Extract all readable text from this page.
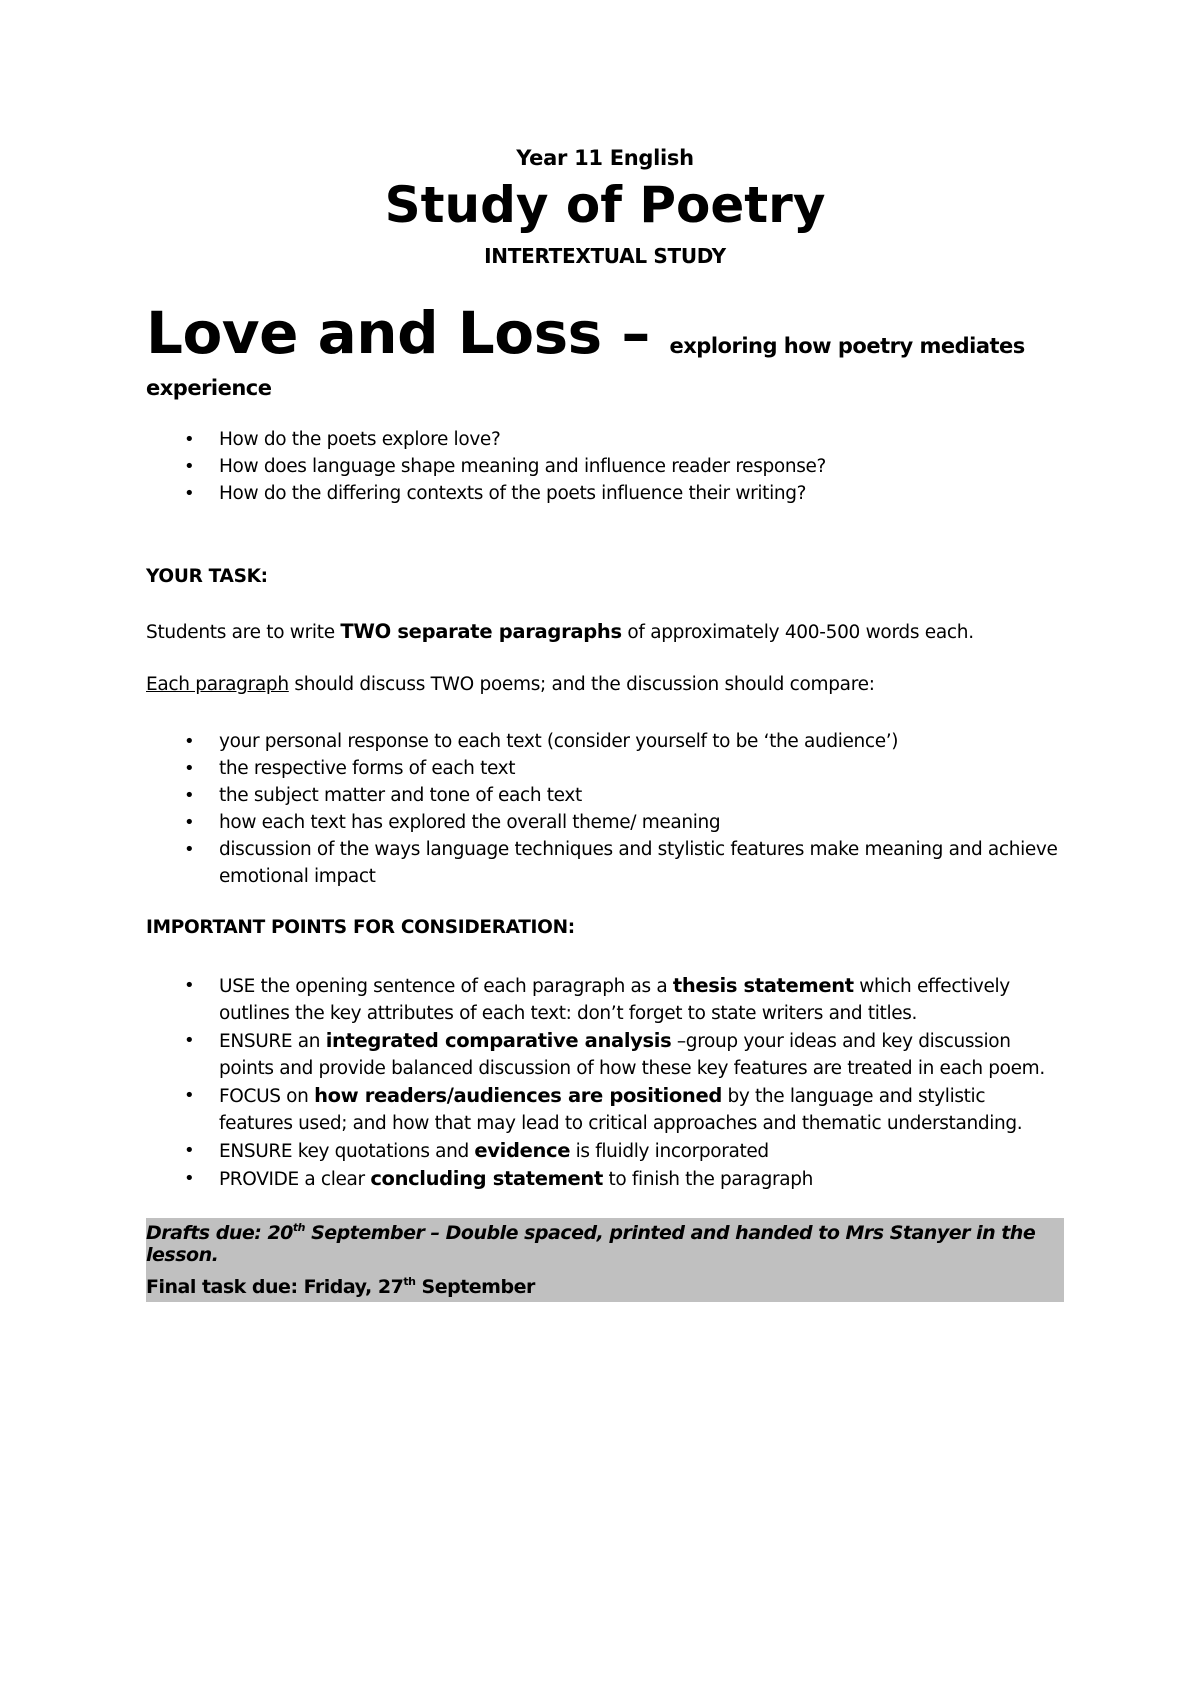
Year 11 English
Study of Poetry
INTERTEXTUAL STUDY
Love and Loss – exploring how poetry mediates
experience
• How do the poets explore love?
• How does language shape meaning and influence reader response?
• How do the differing contexts of the poets influence their writing?
YOUR TASK:
Students are to write TWO separate paragraphs of approximately 400-500 words each.
Each paragraph should discuss TWO poems; and the discussion should compare:
• your personal response to each text (consider yourself to be ‘the audience’)
• the respective forms of each text
• the subject matter and tone of each text
• how each text has explored the overall theme/ meaning
• discussion of the ways language techniques and stylistic features make meaning and achieve emotional impact
IMPORTANT POINTS FOR CONSIDERATION:
• USE the opening sentence of each paragraph as a thesis statement which effectively outlines the key attributes of each text: don’t forget to state writers and titles.
• ENSURE an integrated comparative analysis –group your ideas and key discussion points and provide balanced discussion of how these key features are treated in each poem.
• FOCUS on how readers/audiences are positioned by the language and stylistic features used; and how that may lead to critical approaches and thematic understanding.
• ENSURE key quotations and evidence is fluidly incorporated
• PROVIDE a clear concluding statement to finish the paragraph
Drafts due: 20th September – Double spaced, printed and handed to Mrs Stanyer in the lesson.
Final task due: Friday, 27th September
